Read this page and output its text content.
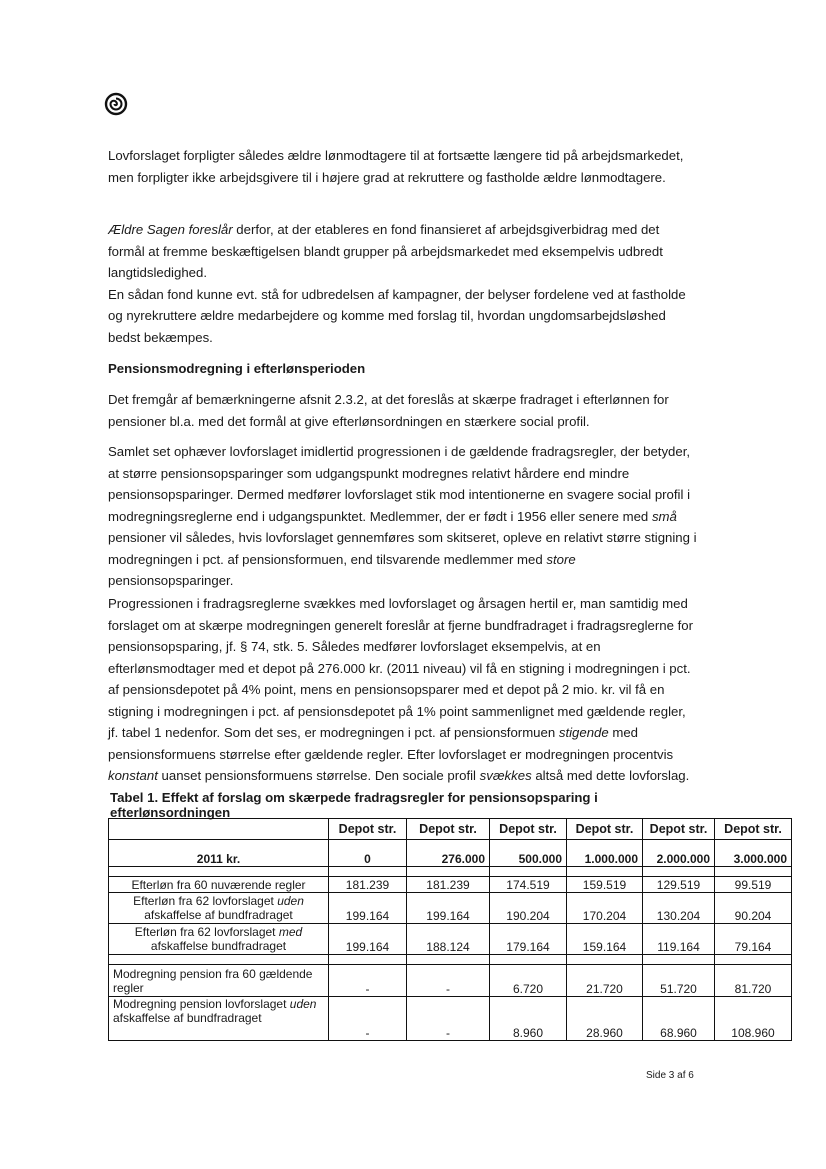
Lovforslaget forpligter således ældre lønmodtagere til at fortsætte længere tid på arbejdsmarkedet, men forpligter ikke arbejdsgivere til i højere grad at rekruttere og fastholde ældre lønmodtagere.

Ældre Sagen foreslår derfor, at der etableres en fond finansieret af arbejdsgiverbidrag med det formål at fremme beskæftigelsen blandt grupper på arbejdsmarkedet med eksempelvis udbredt langtidsledighed.

En sådan fond kunne evt. stå for udbredelsen af kampagner, der belyser fordelene ved at fastholde og nyrekruttere ældre medarbejdere og komme med forslag til, hvordan ungdomsarbejdsløshed bedst bekæmpes.

Pensionsmodregning i efterlønsperioden

Det fremgår af bemærkningerne afsnit 2.3.2, at det foreslås at skærpe fradraget i efterlønnen for pensioner bl.a. med det formål at give efterlønsordningen en stærkere social profil.

Samlet set ophæver lovforslaget imidlertid progressionen i de gældende fradragsregler, der betyder, at større pensionsopsparinger som udgangspunkt modregnes relativt hårdere end mindre pensionsopsparinger. Dermed medfører lovforslaget stik mod intentionerne en svagere social profil i modregningsreglerne end i udgangspunktet. Medlemmer, der er født i 1956 eller senere med små pensioner vil således, hvis lovforslaget gennemføres som skitseret, opleve en relativt større stigning i modregningen i pct. af pensionsformuen, end tilsvarende medlemmer med store pensionsopsparinger.

Progressionen i fradragsreglerne svækkes med lovforslaget og årsagen hertil er, man samtidig med forslaget om at skærpe modregningen generelt foreslår at fjerne bundfradraget i fradragsreglerne for pensionsopsparing, jf. § 74, stk. 5. Således medfører lovforslaget eksempelvis, at en efterlønsmodtager med et depot på 276.000 kr. (2011 niveau) vil få en stigning i modregningen i pct. af pensionsdepotet på 4% point, mens en pensionsopsparer med et depot på 2 mio. kr. vil få en stigning i modregningen i pct. af pensionsdepotet på 1% point sammenlignet med gældende regler, jf. tabel 1 nedenfor. Som det ses, er modregningen i pct. af pensionsformuen stigende med pensionsformuens størrelse efter gældende regler. Efter lovforslaget er modregningen procentvis konstant uanset pensionsformuens størrelse. Den sociale profil svækkes altså med dette lovforslag.

Tabel 1. Effekt af forslag om skærpede fradragsregler for pensionsopsparing i efterlønsordningen
	Depot str.	Depot str.	Depot str.	Depot str.	Depot str.	Depot str.
2011 kr.	0	276.000	500.000	1.000.000	2.000.000	3.000.000

Efterløn fra 60 nuværende regler	181.239	181.239	174.519	159.519	129.519	99.519
Efterløn fra 62 lovforslaget uden afskaffelse af bundfradraget	199.164	199.164	190.204	170.204	130.204	90.204
Efterløn fra 62 lovforslaget med afskaffelse bundfradraget	199.164	188.124	179.164	159.164	119.164	79.164

Modregning pension fra 60 gældende regler	-	-	6.720	21.720	51.720	81.720
Modregning pension lovforslaget uden afskaffelse af bundfradraget	-	-	8.960	28.960	68.960	108.960
Side 3 af 6
